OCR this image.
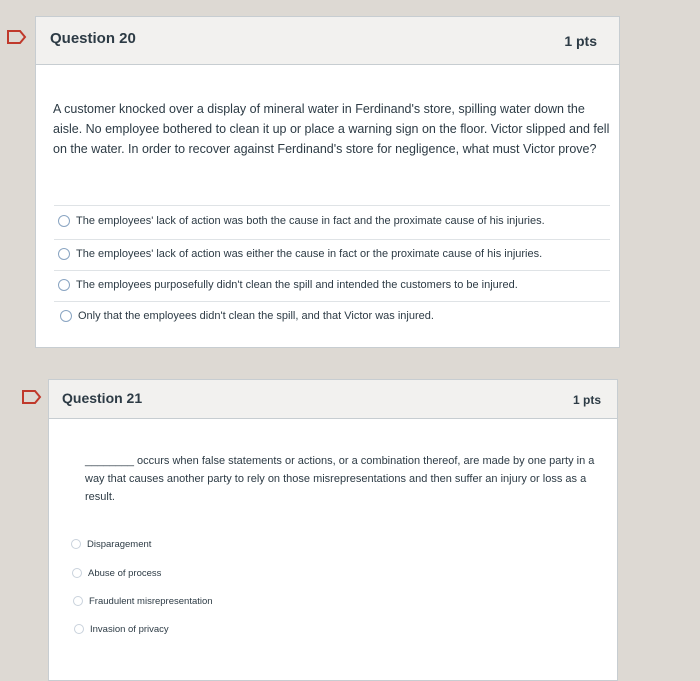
Question 20	1 pts
A customer knocked over a display of mineral water in Ferdinand's store, spilling water down the aisle. No employee bothered to clean it up or place a warning sign on the floor. Victor slipped and fell on the water. In order to recover against Ferdinand's store for negligence, what must Victor prove?
The employees' lack of action was both the cause in fact and the proximate cause of his injuries.
The employees' lack of action was either the cause in fact or the proximate cause of his injuries.
The employees purposefully didn't clean the spill and intended the customers to be injured.
Only that the employees didn't clean the spill, and that Victor was injured.
Question 21	1 pts
________ occurs when false statements or actions, or a combination thereof, are made by one party in a way that causes another party to rely on those misrepresentations and then suffer an injury or loss as a result.
Disparagement
Abuse of process
Fraudulent misrepresentation
Invasion of privacy
